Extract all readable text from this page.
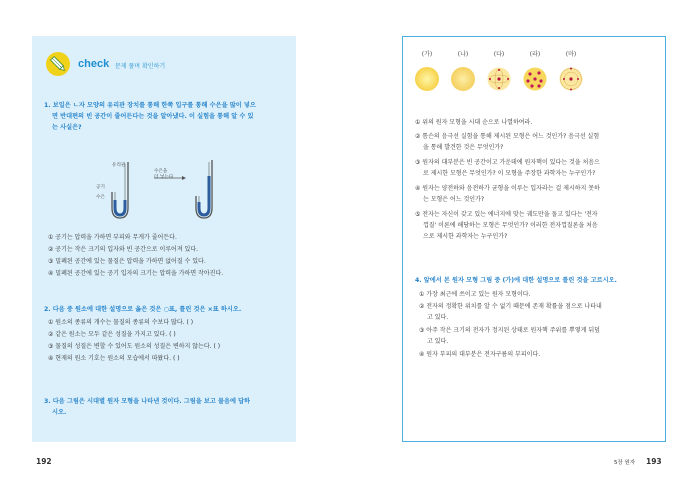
check 문제 풀며 확인하기
1. 보일은 ㄴ자 모양의 유리관 장치를 통해 한쪽 입구를 통해 수은을 많이 넣으
면 반대편의 빈 공간이 줄어든다는 것을 알아냈다. 이 실험을 통해 알 수 있
는 사실은?
유리관
수은을
더 넣는다
공기
수은
① 공기는 압력을 가하면 부피와 무게가 줄어든다.
② 공기는 작은 크기의 입자와 빈 공간으로 이루어져 있다.
③ 밀폐된 공간에 있는 물질은 압력을 가하면 없어질 수 있다.
④ 밀폐된 공간에 있는 공기 입자의 크기는 압력을 가하면 작아진다.
2. 다음 중 원소에 대한 설명으로 옳은 것은 ○표, 틀린 것은 ×표 하시오.
① 원소의 종류의 개수는 물질의 종류의 수보다 많다. ( )
② 같은 원소는 모두 같은 성질을 가지고 있다. ( )
③ 물질의 성질은 변할 수 있어도 원소의 성질은 변하지 않는다. ( )
④ 현재의 원소 기호는 원소의 모습에서 따왔다. ( )
3. 다음 그림은 시대별 원자 모형을 나타낸 것이다. 그림을 보고 물음에 답하
시오.
192
(가)	(나)	(다)	(라)	(마)
① 위의 원자 모형을 시대 순으로 나열하여라.
② 톰슨의 음극선 실험을 통해 제시된 모형은 어느 것인가? 음극선 실험
을 통해 발견한 것은 무엇인가?
③ 원자의 대부분은 빈 공간이고 가운데에 원자핵이 있다는 것을 처음으
로 제시한 모형은 무엇인가? 이 모형을 주장한 과학자는 누구인가?
④ 원자는 양전하와 음전하가 균형을 이루는 입자라는 걸 제시하지 못하
는 모형은 어느 것인가?
⑤ 전자는 자신이 갖고 있는 에너지에 맞는 궤도만을 돌고 있다는 '전자
껍질' 이론에 해당하는 모형은 무엇인가? 이러한 전자껍질론을 처음
으로 제시한 과학자는 누구인가?
4. 앞에서 본 원자 모형 그림 중 (가)에 대한 설명으로 틀린 것을 고르시오.
① 가장 최근에 쓰이고 있는 원자 모형이다.
② 전자의 정확한 위치를 알 수 없기 때문에 존재 확률을 점으로 나타내
고 있다.
③ 아주 작은 크기의 전자가 정지된 상태로 원자핵 주위를 뿌옇게 뒤덮
고 있다.
④ 원자 부피의 대부분은 전자구름의 부피이다.
5장 원자 193
